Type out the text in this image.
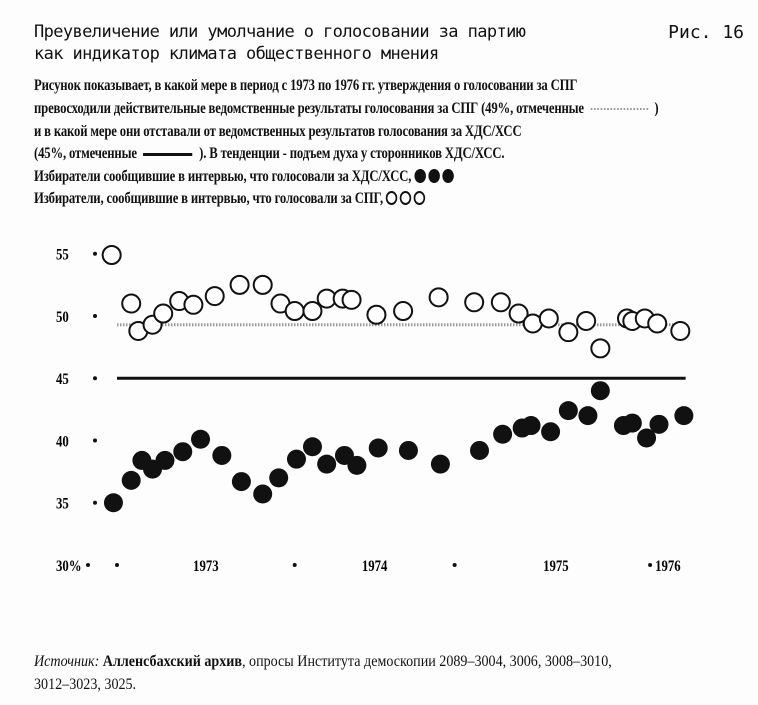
Преувеличение или умолчание о голосовании за партию
как индикатор климата общественного мнения
Рис. 16
Рисунок показывает, в какой мере в период с 1973 по 1976 гг. утверждения о голосовании за СПГ
превосходили действительные ведомственные результаты голосования за СПГ (49%, отмеченные	)
и в какой мере они отставали от ведомственных результатов голосования за ХДС/ХСС
(45%, отмеченные	). В тенденции - подъем духа у сторонников ХДС/ХСС.
Избиратели сообщившие в интервью, что голосовали за ХДС/ХСС,
Избиратели, сообщившие в интервью, что голосовали за СПГ,
55
50
45
40
35
30%	1973	1974	1975	1976
Источник: Алленсбахский архив, опросы Института демоскопии 2089–3004, 3006, 3008–3010,
3012–3023, 3025.
